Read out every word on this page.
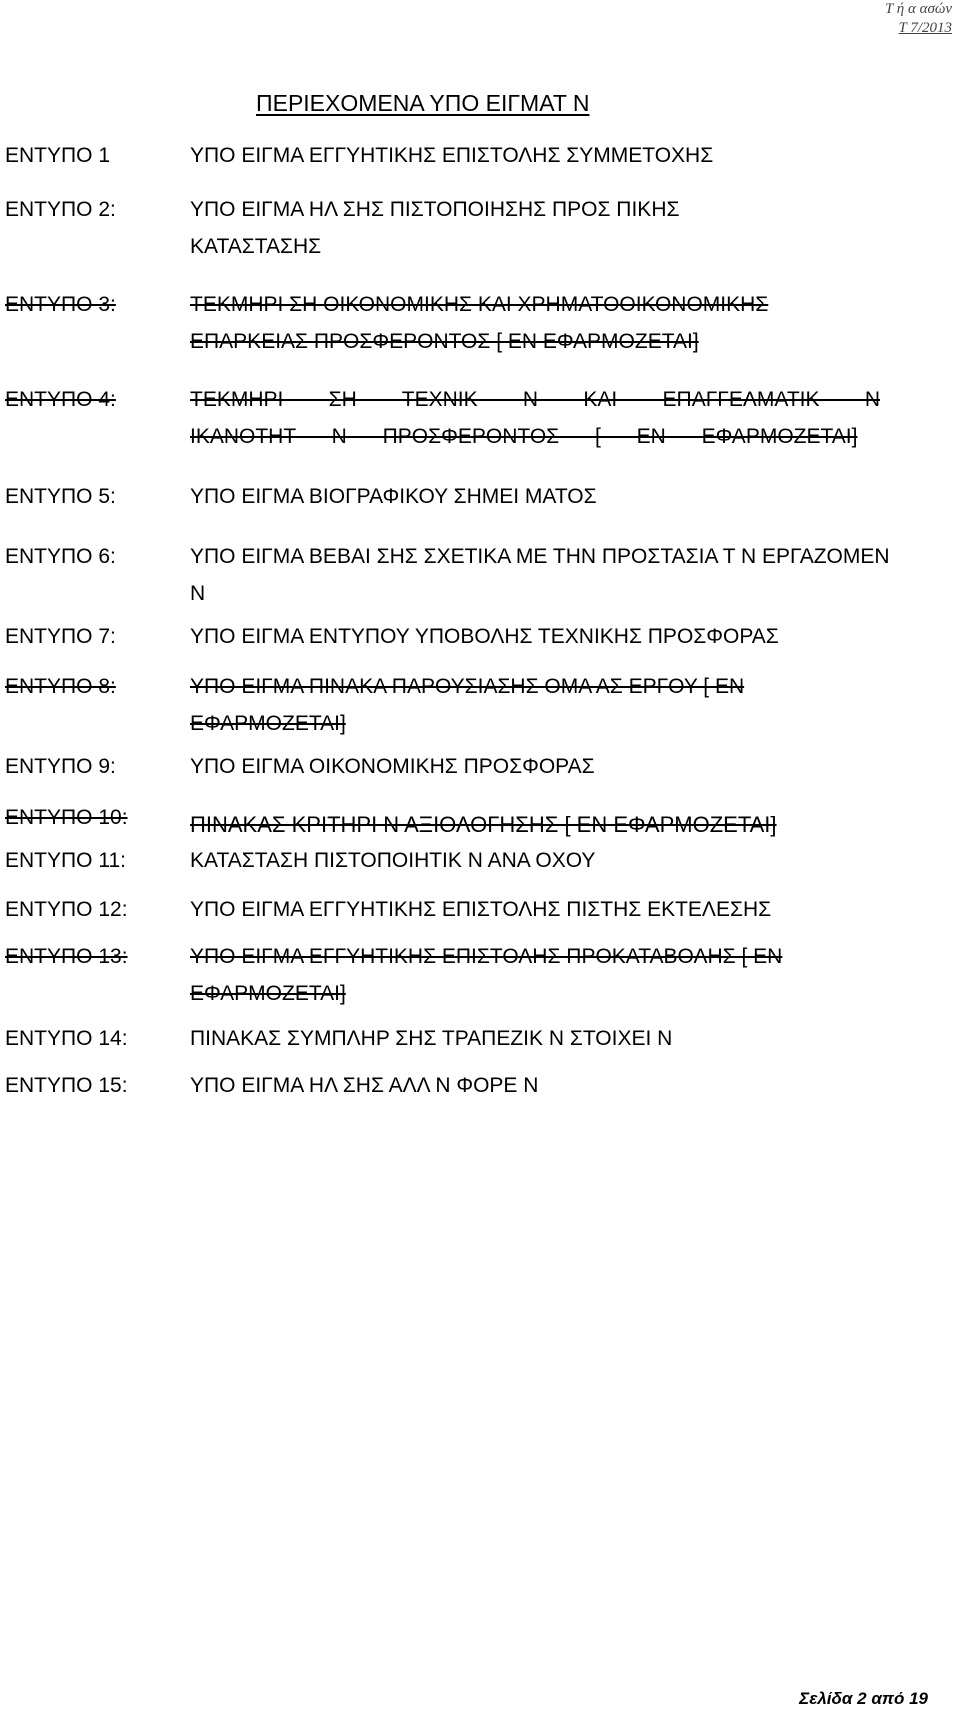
Τ ή α ασών
Τ 7/2013
ΠΕΡΙΕΧΟΜΕΝΑ ΥΠΟ ΕΙΓΜΑΤ Ν
ΕΝΤΥΠΟ 1	ΥΠΟ ΕΙΓΜΑ ΕΓΓΥΗΤΙΚΗΣ ΕΠΙΣΤΟΛΗΣ ΣΥΜΜΕΤΟΧΗΣ
ΕΝΤΥΠΟ 2:	ΥΠΟ ΕΙΓΜΑ ΗΛ ΣΗΣ ΠΙΣΤΟΠΟΙΗΣΗΣ ΠΡΟΣ ΠΙΚΗΣ ΚΑΤΑΣΤΑΣΗΣ
ΕΝΤΥΠΟ 3:	ΤΕΚΜΗΡΙ ΣΗ ΟΙΚΟΝΟΜΙΚΗΣ ΚΑΙ ΧΡΗΜΑΤΟΟΙΚΟΝΟΜΙΚΗΣ ΕΠΑΡΚΕΙΑΣ ΠΡΟΣΦΕΡΟΝΤΟΣ [ ΕΝ ΕΦΑΡΜΟΖΕΤΑΙ]
ΕΝΤΥΠΟ 4:	ΤΕΚΜΗΡΙ ΣΗ ΤΕΧΝΙΚ Ν ΚΑΙ ΕΠΑΓΓΕΛΜΑΤΙΚ Ν ΙΚΑΝΟΤΗΤ Ν ΠΡΟΣΦΕΡΟΝΤΟΣ [ ΕΝ ΕΦΑΡΜΟΖΕΤΑΙ]
ΕΝΤΥΠΟ 5:	ΥΠΟ ΕΙΓΜΑ ΒΙΟΓΡΑΦΙΚΟΥ ΣΗΜΕΙ ΜΑΤΟΣ
ΕΝΤΥΠΟ 6:	ΥΠΟ ΕΙΓΜΑ ΒΕΒΑΙ ΣΗΣ ΣΧΕΤΙΚΑ ΜΕ ΤΗΝ ΠΡΟΣΤΑΣΙΑ Τ Ν ΕΡΓΑΖΟΜΕΝ Ν
ΕΝΤΥΠΟ 7:	ΥΠΟ ΕΙΓΜΑ ΕΝΤΥΠΟΥ ΥΠΟΒΟΛΗΣ ΤΕΧΝΙΚΗΣ ΠΡΟΣΦΟΡΑΣ
ΕΝΤΥΠΟ 8:	ΥΠΟ ΕΙΓΜΑ ΠΙΝΑΚΑ ΠΑΡΟΥΣΙΑΣΗΣ ΟΜΑ ΑΣ ΕΡΓΟΥ [ ΕΝ ΕΦΑΡΜΟΖΕΤΑΙ]
ΕΝΤΥΠΟ 9:	ΥΠΟ ΕΙΓΜΑ ΟΙΚΟΝΟΜΙΚΗΣ ΠΡΟΣΦΟΡΑΣ
ΕΝΤΥΠΟ 10:	ΠΙΝΑΚΑΣ ΚΡΙΤΗΡΙ Ν ΑΞΙΟΛΟΓΗΣΗΣ [ ΕΝ ΕΦΑΡΜΟΖΕΤΑΙ]
ΕΝΤΥΠΟ 11:	ΚΑΤΑΣΤΑΣΗ ΠΙΣΤΟΠΟΙΗΤΙΚ Ν ΑΝΑ ΟΧΟΥ
ΕΝΤΥΠΟ 12:	ΥΠΟ ΕΙΓΜΑ ΕΓΓΥΗΤΙΚΗΣ ΕΠΙΣΤΟΛΗΣ ΠΙΣΤΗΣ ΕΚΤΕΛΕΣΗΣ
ΕΝΤΥΠΟ 13:	ΥΠΟ ΕΙΓΜΑ ΕΓΓΥΗΤΙΚΗΣ ΕΠΙΣΤΟΛΗΣ ΠΡΟΚΑΤΑΒΟΛΗΣ [ ΕΝ ΕΦΑΡΜΟΖΕΤΑΙ]
ΕΝΤΥΠΟ 14:	ΠΙΝΑΚΑΣ ΣΥΜΠΛΗΡ ΣΗΣ ΤΡΑΠΕΖΙΚ Ν ΣΤΟΙΧΕΙ Ν
ΕΝΤΥΠΟ 15:	ΥΠΟ ΕΙΓΜΑ ΗΛ ΣΗΣ ΑΛΛ Ν ΦΟΡΕ Ν
Σελίδα 2 από 19
